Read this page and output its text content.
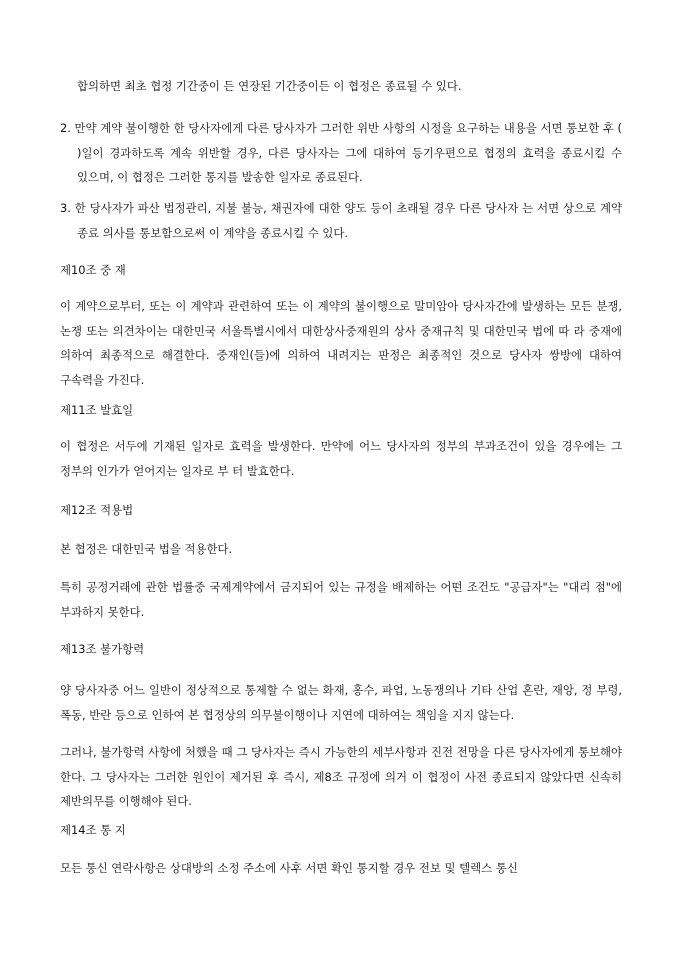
합의하면 최초 협정 기간중이 든 연장된 기간중이든 이 협정은 종료될 수 있다.

2. 만약 계약 불이행한 한 당사자에게 다른 당사자가 그러한 위반 사항의 시정을 요구하는 내용을 서면 통보한 후 ( )일이 경과하도록 계속 위반할 경우, 다른 당사자는 그에 대하여 등기우편으로 협정의 효력을 종료시킬 수 있으며, 이 협정은 그러한 통지를 발송한 일자로 종료된다.

3. 한 당사자가 파산 법정관리, 지불 불능, 채권자에 대한 양도 등이 초래될 경우 다른 당사자 는 서면 상으로 계약 종료 의사를 통보함으로써 이 계약을 종료시킬 수 있다.

제10조 중 재

이 계약으로부터, 또는 이 계약과 관련하여 또는 이 계약의 불이행으로 말미암아 당사자간에 발생하는 모든 분쟁, 논쟁 또는 의견차이는 대한민국 서울특별시에서 대한상사중재원의 상사 중재규칙 및 대한민국 법에 따 라 중재에 의하여 최종적으로 해결한다. 중재인(들)에 의하여 내려지는 판정은 최종적인 것으로 당사자 쌍방에 대하여 구속력을 가진다.

제11조 발효일

이 협정은 서두에 기재된 일자로 효력을 발생한다. 만약에 어느 당사자의 정부의 부과조건이 있을 경우에는 그 정부의 인가가 얻어지는 일자로 부 터 발효한다.

제12조 적용법

본 협정은 대한민국 법을 적용한다.

특히 공정거래에 관한 법률중 국제계약에서 금지되어 있는 규정을 배제하는 어떤 조건도 "공급자"는 "대리 점"에 부과하지 못한다.

제13조 불가항력

양 당사자중 어느 일반이 정상적으로 통제할 수 없는 화재, 홍수, 파업, 노동쟁의나 기타 산업 혼란, 재앙, 정 부령, 폭동, 반란 등으로 인하여 본 협정상의 의무불이행이나 지연에 대하여는 책임을 지지 않는다.

그러나, 불가항력 사항에 처했을 때 그 당사자는 즉시 가능한의 세부사항과 진전 전망을 다른 당사자에게 통보해야 한다. 그 당사자는 그러한 원인이 제거된 후 즉시, 제8조 규정에 의거 이 협정이 사전 종료되지 않았다면 신속히 제반의무를 이행해야 된다.

제14조 통 지

모든 통신 연락사항은 상대방의 소정 주소에 사후 서면 확인 통지할 경우 전보 및 텔렉스 통신
